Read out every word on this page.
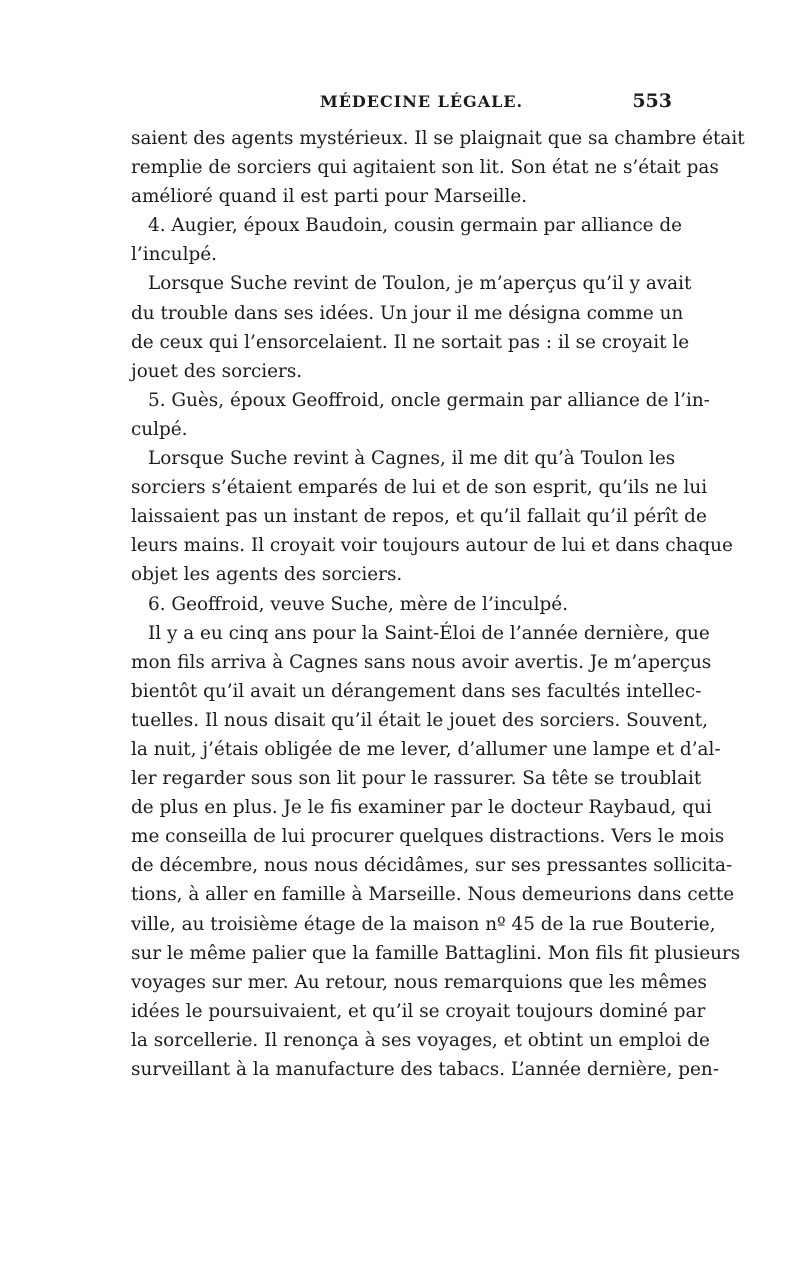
MÉDECINE LÉGALE.	553
saient des agents mystérieux. Il se plaignait que sa chambre était
remplie de sorciers qui agitaient son lit. Son état ne s’était pas
amélioré quand il est parti pour Marseille.
4. Augier, époux Baudoin, cousin germain par alliance de
l’inculpé.
Lorsque Suche revint de Toulon, je m’aperçus qu’il y avait
du trouble dans ses idées. Un jour il me désigna comme un
de ceux qui l’ensorcelaient. Il ne sortait pas : il se croyait le
jouet des sorciers.
5. Guès, époux Geoffroid, oncle germain par alliance de l’in-
culpé.
Lorsque Suche revint à Cagnes, il me dit qu’à Toulon les
sorciers s’étaient emparés de lui et de son esprit, qu’ils ne lui
laissaient pas un instant de repos, et qu’il fallait qu’il pérît de
leurs mains. Il croyait voir toujours autour de lui et dans chaque
objet les agents des sorciers.
6. Geoffroid, veuve Suche, mère de l’inculpé.
Il y a eu cinq ans pour la Saint-Éloi de l’année dernière, que
mon fils arriva à Cagnes sans nous avoir avertis. Je m’aperçus
bientôt qu’il avait un dérangement dans ses facultés intellec-
tuelles. Il nous disait qu’il était le jouet des sorciers. Souvent,
la nuit, j’étais obligée de me lever, d’allumer une lampe et d’al-
ler regarder sous son lit pour le rassurer. Sa tête se troublait
de plus en plus. Je le fis examiner par le docteur Raybaud, qui
me conseilla de lui procurer quelques distractions. Vers le mois
de décembre, nous nous décidâmes, sur ses pressantes sollicita-
tions, à aller en famille à Marseille. Nous demeurions dans cette
ville, au troisième étage de la maison nº 45 de la rue Bouterie,
sur le même palier que la famille Battaglini. Mon fils fit plusieurs
voyages sur mer. Au retour, nous remarquions que les mêmes
idées le poursuivaient, et qu’il se croyait toujours dominé par
la sorcellerie. Il renonça à ses voyages, et obtint un emploi de
surveillant à la manufacture des tabacs. L’année dernière, pen-
